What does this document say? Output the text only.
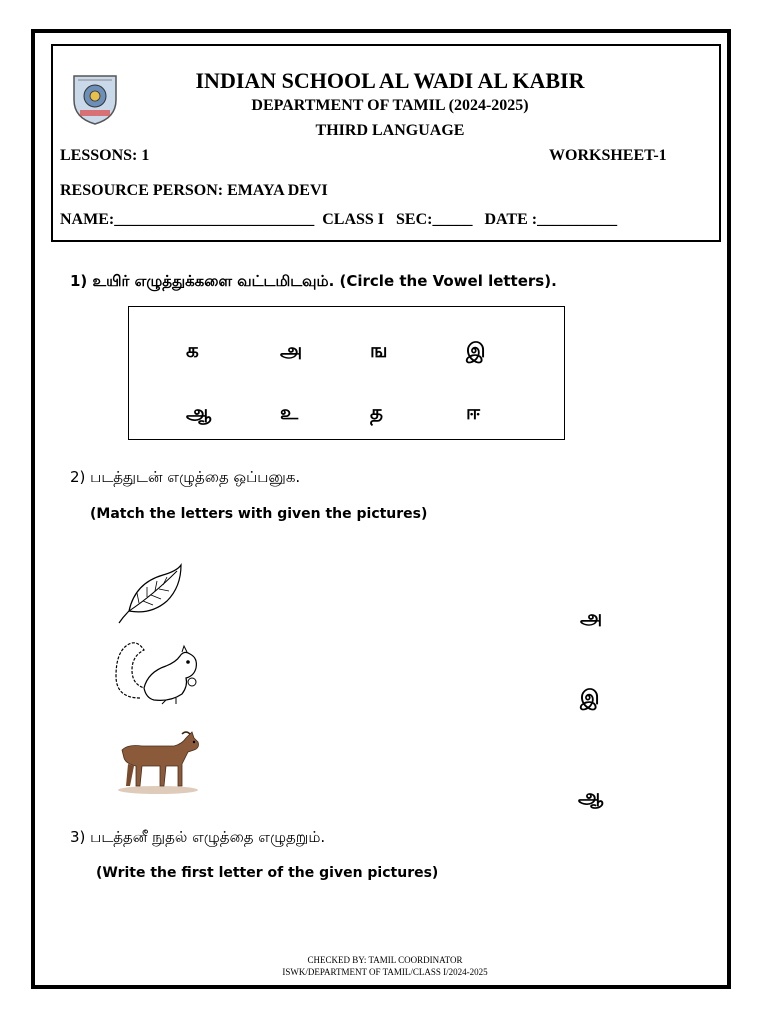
INDIAN SCHOOL AL WADI AL KABIR
DEPARTMENT OF TAMIL (2024-2025)
THIRD LANGUAGE
LESSONS: 1	WORKSHEET-1
RESOURCE PERSON: EMAYA DEVI
NAME:_________________________  CLASS I   SEC:_____   DATE :__________
1) உயிர் எழுத்துக்களை வட்டமிடவும். (Circle the Vowel letters).
க	அ	ங	இ
ஆ	உ	த	ஈ
2) படத்துடன் எழுத்தை ஒப்பனுக.
(Match the letters with given the pictures)
அ
இ
ஆ
3) படத்தனீ நுதல் எழுத்தை எழுதறும்.
(Write the first letter of the given pictures)
CHECKED BY: TAMIL COORDINATOR
ISWK/DEPARTMENT OF TAMIL/CLASS I/2024-2025
